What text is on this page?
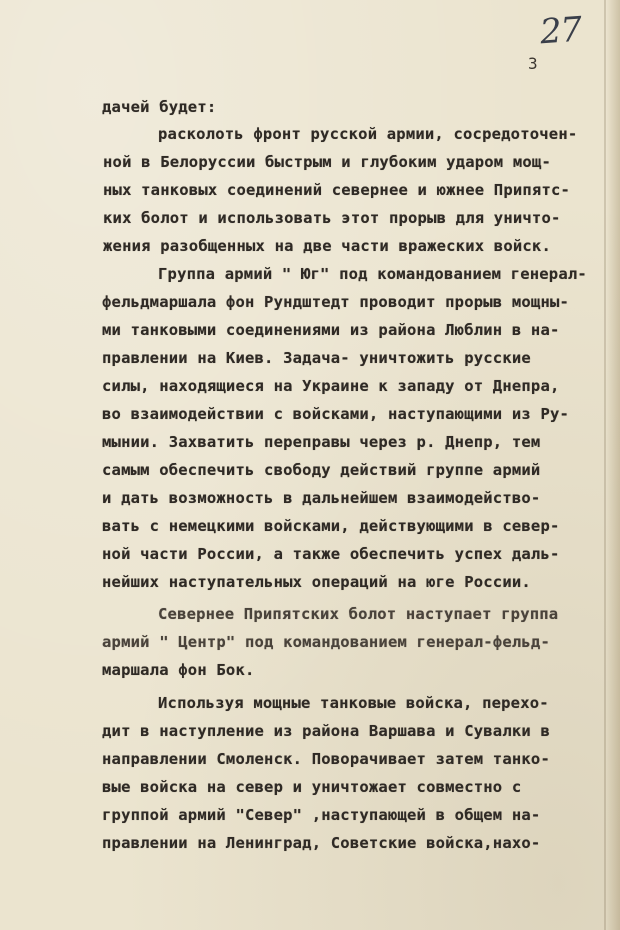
27
3
дачей будет:
расколоть фронт русской армии, сосредоточен-
ной в Белоруссии быстрым и глубоким ударом мощ-
ных танковых соединений севернее и южнее Припятс-
ких болот и использовать этот прорыв для уничто-
жения разобщенных на две части вражеских войск.
Группа армий " Юг" под командованием генерал-
фельдмаршала фон Рундштедт проводит прорыв мощны-
ми танковыми соединениями из района Люблин в на-
правлении на Киев. Задача- уничтожить русские
силы, находящиеся на Украине к западу от Днепра,
во взаимодействии с войсками, наступающими из Ру-
мынии. Захватить переправы через р. Днепр, тем
самым обеспечить свободу действий группе армий
и дать возможность в дальнейшем взаимодейство-
вать с немецкими войсками, действующими в север-
ной части России, а также обеспечить успех даль-
нейших наступательных операций на юге России.
Севернее Припятских болот наступает группа
армий " Центр" под командованием генерал-фельд-
маршала фон Бок.
Используя мощные танковые войска, перехо-
дит в наступление из района Варшава и Сувалки в
направлении Смоленск. Поворачивает затем танко-
вые войска на север и уничтожает совместно с
группой армий "Север" ,наступающей в общем на-
правлении на Ленинград, Советские войска,нахо-
